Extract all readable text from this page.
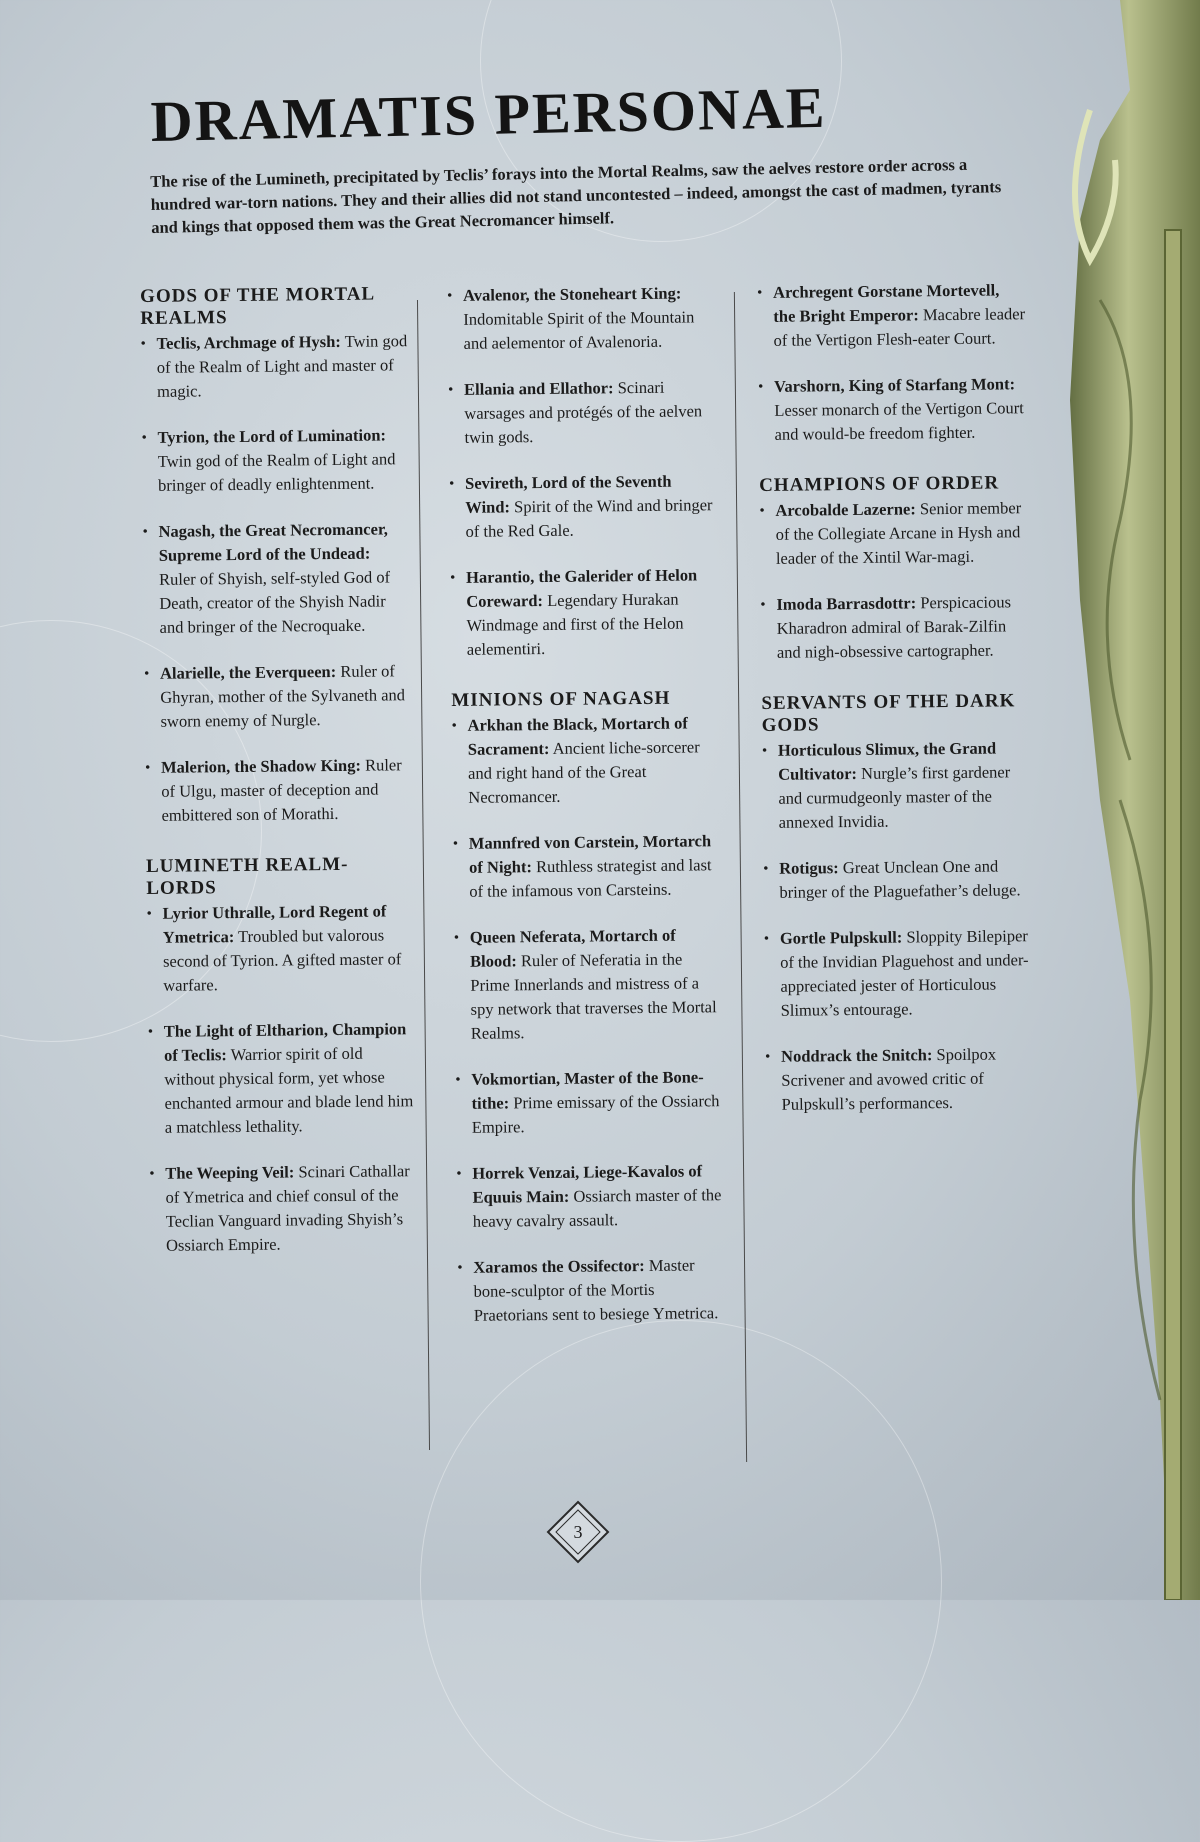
DRAMATIS PERSONAE

The rise of the Lumineth, precipitated by Teclis’ forays into the Mortal Realms, saw the aelves restore order across a hundred war-torn nations. They and their allies did not stand uncontested – indeed, amongst the cast of madmen, tyrants and kings that opposed them was the Great Necromancer himself.

GODS OF THE MORTAL REALMS
• Teclis, Archmage of Hysh: Twin god of the Realm of Light and master of magic.
• Tyrion, the Lord of Lumination: Twin god of the Realm of Light and bringer of deadly enlightenment.
• Nagash, the Great Necromancer, Supreme Lord of the Undead: Ruler of Shyish, self-styled God of Death, creator of the Shyish Nadir and bringer of the Necroquake.
• Alarielle, the Everqueen: Ruler of Ghyran, mother of the Sylvaneth and sworn enemy of Nurgle.
• Malerion, the Shadow King: Ruler of Ulgu, master of deception and embittered son of Morathi.
LUMINETH REALM-LORDS
• Lyrior Uthralle, Lord Regent of Ymetrica: Troubled but valorous second of Tyrion. A gifted master of warfare.
• The Light of Eltharion, Champion of Teclis: Warrior spirit of old without physical form, yet whose enchanted armour and blade lend him a matchless lethality.
• The Weeping Veil: Scinari Cathallar of Ymetrica and chief consul of the Teclian Vanguard invading Shyish’s Ossiarch Empire.
• Avalenor, the Stoneheart King: Indomitable Spirit of the Mountain and aelementor of Avalenoria.
• Ellania and Ellathor: Scinari warsages and protégés of the aelven twin gods.
• Sevireth, Lord of the Seventh Wind: Spirit of the Wind and bringer of the Red Gale.
• Harantio, the Galerider of Helon Coreward: Legendary Hurakan Windmage and first of the Helon aelementiri.
MINIONS OF NAGASH
• Arkhan the Black, Mortarch of Sacrament: Ancient liche-sorcerer and right hand of the Great Necromancer.
• Mannfred von Carstein, Mortarch of Night: Ruthless strategist and last of the infamous von Carsteins.
• Queen Neferata, Mortarch of Blood: Ruler of Neferatia in the Prime Innerlands and mistress of a spy network that traverses the Mortal Realms.
• Vokmortian, Master of the Bone-tithe: Prime emissary of the Ossiarch Empire.
• Horrek Venzai, Liege-Kavalos of Equuis Main: Ossiarch master of the heavy cavalry assault.
• Xaramos the Ossifector: Master bone-sculptor of the Mortis Praetorians sent to besiege Ymetrica.
• Archregent Gorstane Mortevell, the Bright Emperor: Macabre leader of the Vertigon Flesh-eater Court.
• Varshorn, King of Starfang Mont: Lesser monarch of the Vertigon Court and would-be freedom fighter.
CHAMPIONS OF ORDER
• Arcobalde Lazerne: Senior member of the Collegiate Arcane in Hysh and leader of the Xintil War-magi.
• Imoda Barrasdottr: Perspicacious Kharadron admiral of Barak-Zilfin and nigh-obsessive cartographer.
SERVANTS OF THE DARK GODS
• Horticulous Slimux, the Grand Cultivator: Nurgle’s first gardener and curmudgeonly master of the annexed Invidia.
• Rotigus: Great Unclean One and bringer of the Plaguefather’s deluge.
• Gortle Pulpskull: Sloppity Bilepiper of the Invidian Plaguehost and under-appreciated jester of Horticulous Slimux’s entourage.
• Noddrack the Snitch: Spoilpox Scrivener and avowed critic of Pulpskull’s performances.
3
